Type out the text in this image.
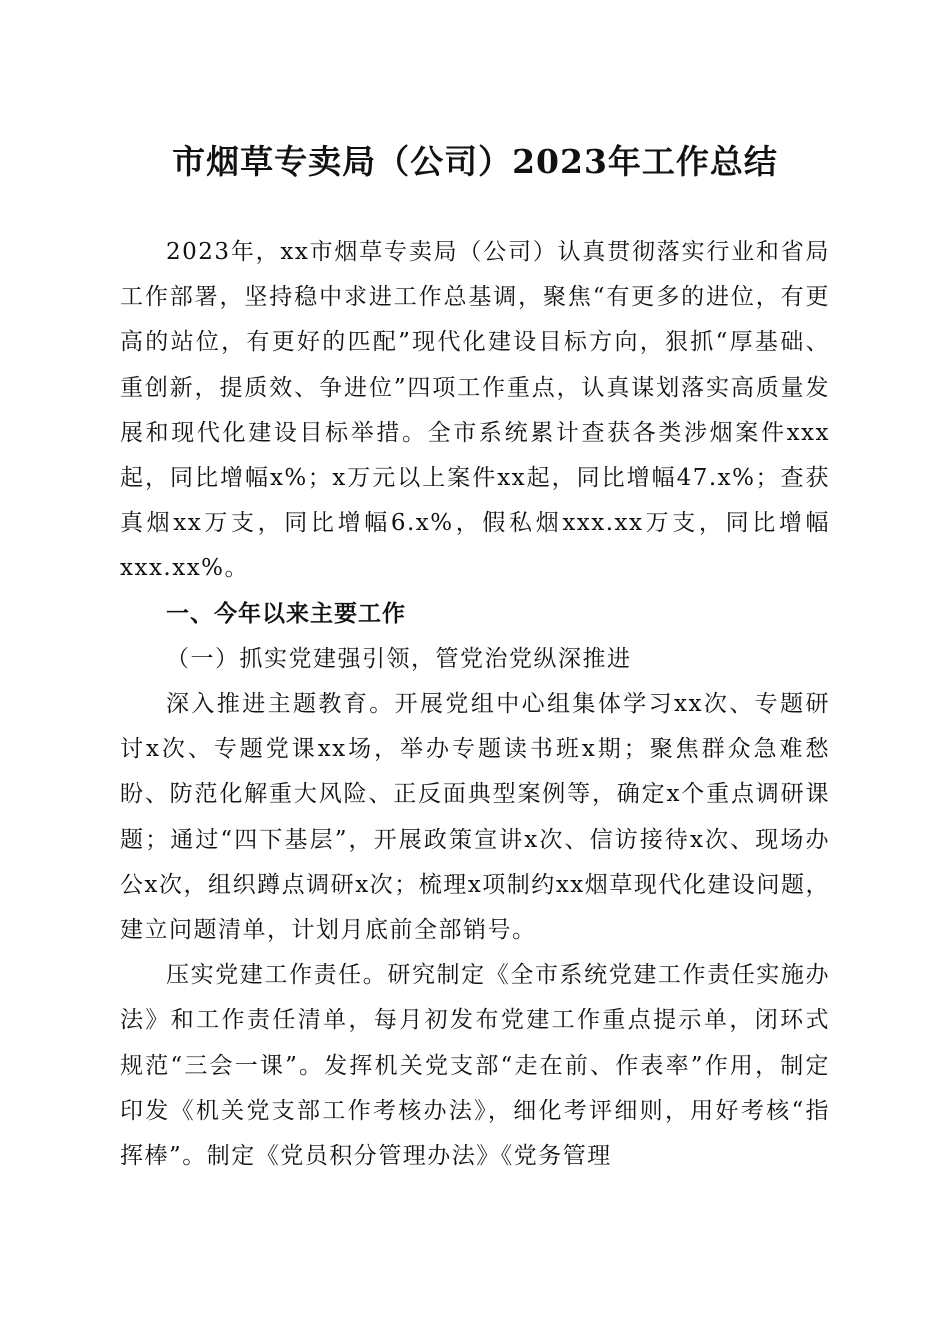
市烟草专卖局（公司）2023年工作总结

2023年，xx市烟草专卖局（公司）认真贯彻落实行业和省局工作部署，坚持稳中求进工作总基调，聚焦“有更多的进位，有更高的站位，有更好的匹配”现代化建设目标方向，狠抓“厚基础、重创新，提质效、争进位”四项工作重点，认真谋划落实高质量发展和现代化建设目标举措。全市系统累计查获各类涉烟案件xxx起，同比增幅x%；x万元以上案件xx起，同比增幅47.x%；查获真烟xx万支，同比增幅6.x%，假私烟xxx.xx万支，同比增幅xxx.xx%。

一、今年以来主要工作

（一）抓实党建强引领，管党治党纵深推进

深入推进主题教育。开展党组中心组集体学习xx次、专题研讨x次、专题党课xx场，举办专题读书班x期；聚焦群众急难愁盼、防范化解重大风险、正反面典型案例等，确定x个重点调研课题；通过“四下基层”，开展政策宣讲x次、信访接待x次、现场办公x次，组织蹲点调研x次；梳理x项制约xx烟草现代化建设问题，建立问题清单，计划月底前全部销号。

压实党建工作责任。研究制定《全市系统党建工作责任实施办法》和工作责任清单，每月初发布党建工作重点提示单，闭环式规范“三会一课”。发挥机关党支部“走在前、作表率”作用，制定印发《机关党支部工作考核办法》，细化考评细则，用好考核“指挥棒”。制定《党员积分管理办法》《党务管理
